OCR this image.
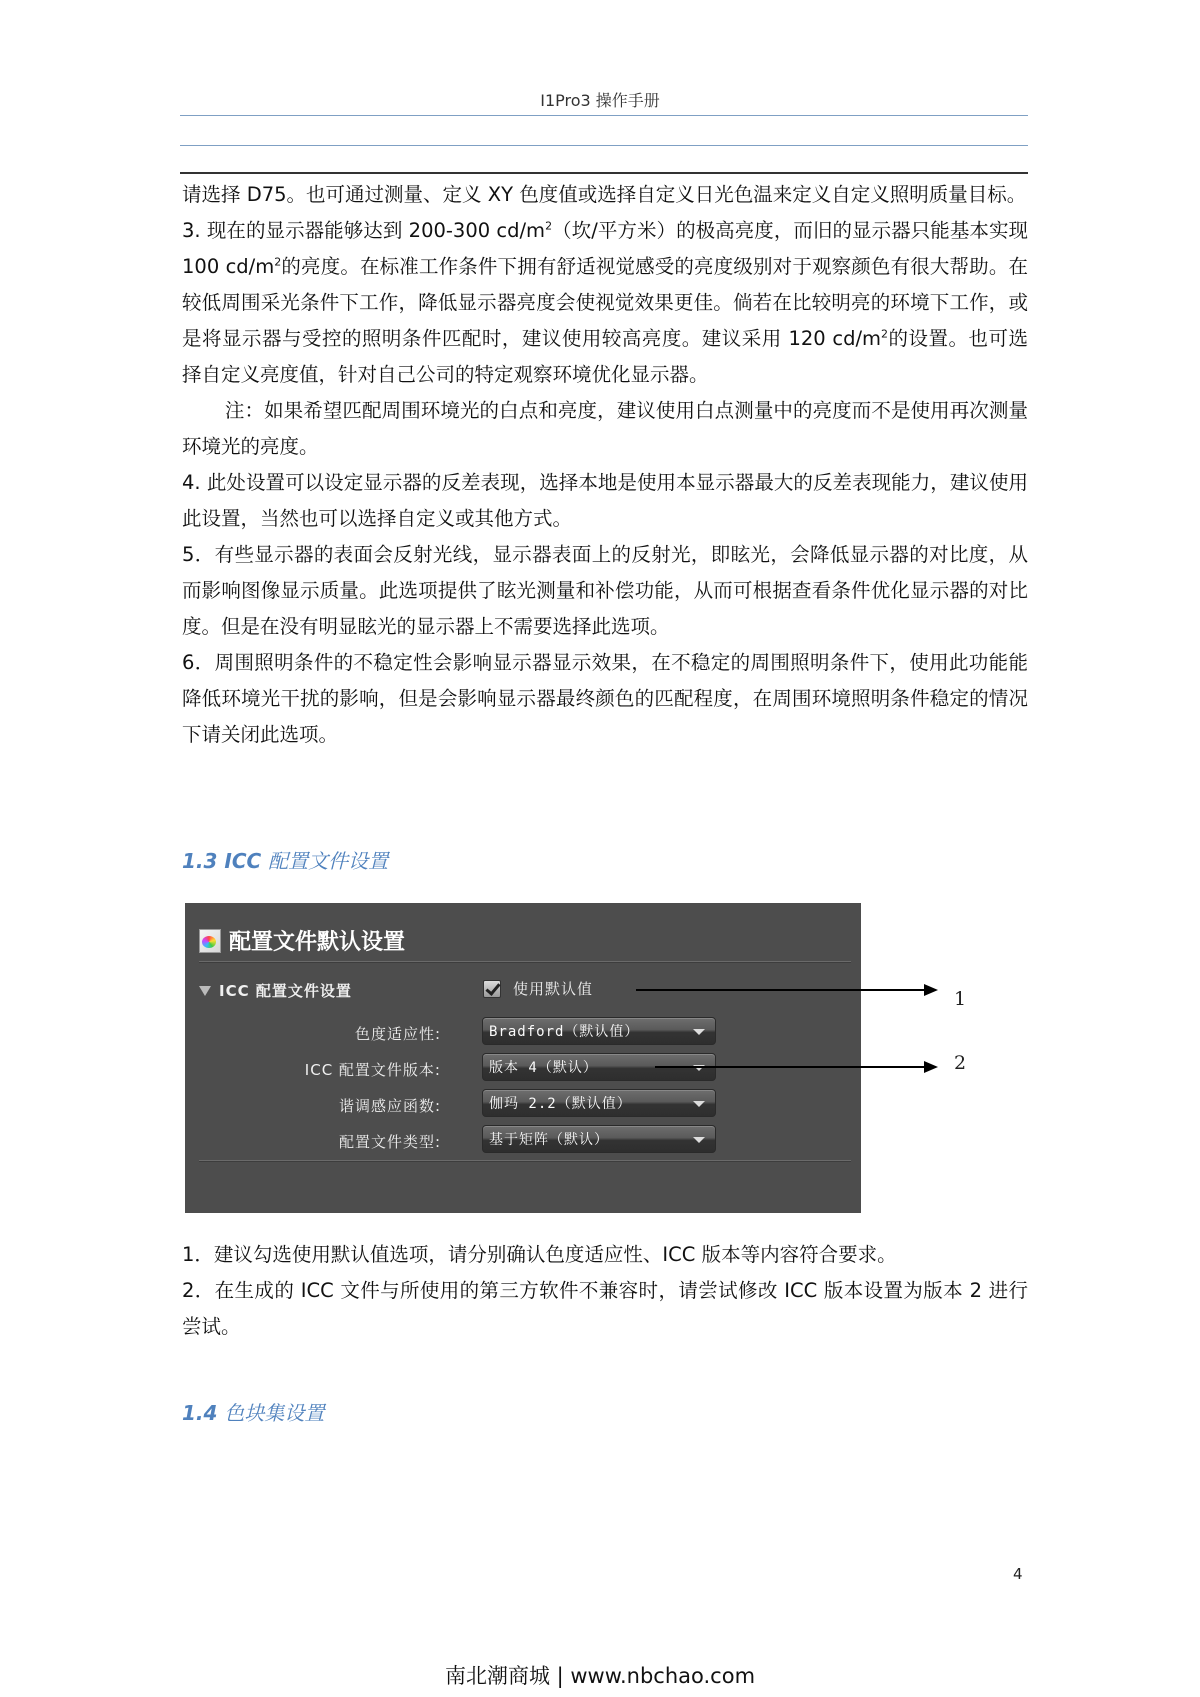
I1Pro3 操作手册

请选择 D75。也可通过测量、定义 XY 色度值或选择自定义日光色温来定义自定义照明质量目标。

3. 现在的显示器能够达到 200-300 $cd/m^2$（坎/平方米）的极高亮度，而旧的显示器只能基本实现 100 $cd/m^2$的亮度。在标准工作条件下拥有舒适视觉感受的亮度级别对于观察颜色有很大帮助。在较低周围采光条件下工作，降低显示器亮度会使视觉效果更佳。倘若在比较明亮的环境下工作，或是将显示器与受控的照明条件匹配时，建议使用较高亮度。建议采用 120 $cd/m^2$的设置。也可选择自定义亮度值，针对自己公司的特定观察环境优化显示器。

注：如果希望匹配周围环境光的白点和亮度，建议使用白点测量中的亮度而不是使用再次测量环境光的亮度。

4. 此处设置可以设定显示器的反差表现，选择本地是使用本显示器最大的反差表现能力，建议使用此设置，当然也可以选择自定义或其他方式。

5．有些显示器的表面会反射光线，显示器表面上的反射光，即眩光，会降低显示器的对比度，从而影响图像显示质量。此选项提供了眩光测量和补偿功能，从而可根据查看条件优化显示器的对比度。但是在没有明显眩光的显示器上不需要选择此选项。

6．周围照明条件的不稳定性会影响显示器显示效果，在不稳定的周围照明条件下，使用此功能能降低环境光干扰的影响，但是会影响显示器最终颜色的匹配程度，在周围环境照明条件稳定的情况下请关闭此选项。

1.3 ICC 配置文件设置
配置文件默认设置
ICC 配置文件设置	使用默认值
色度适应性:	Bradford（默认值）
ICC 配置文件版本:	版本 4（默认）
谐调感应函数:	伽玛 2.2（默认值）
配置文件类型:	基于矩阵（默认）
1
2

1．建议勾选使用默认值选项，请分别确认色度适应性、ICC 版本等内容符合要求。

2．在生成的 ICC 文件与所使用的第三方软件不兼容时，请尝试修改 ICC 版本设置为版本 2 进行尝试。

1.4 色块集设置
4
南北潮商城 | www.nbchao.com
